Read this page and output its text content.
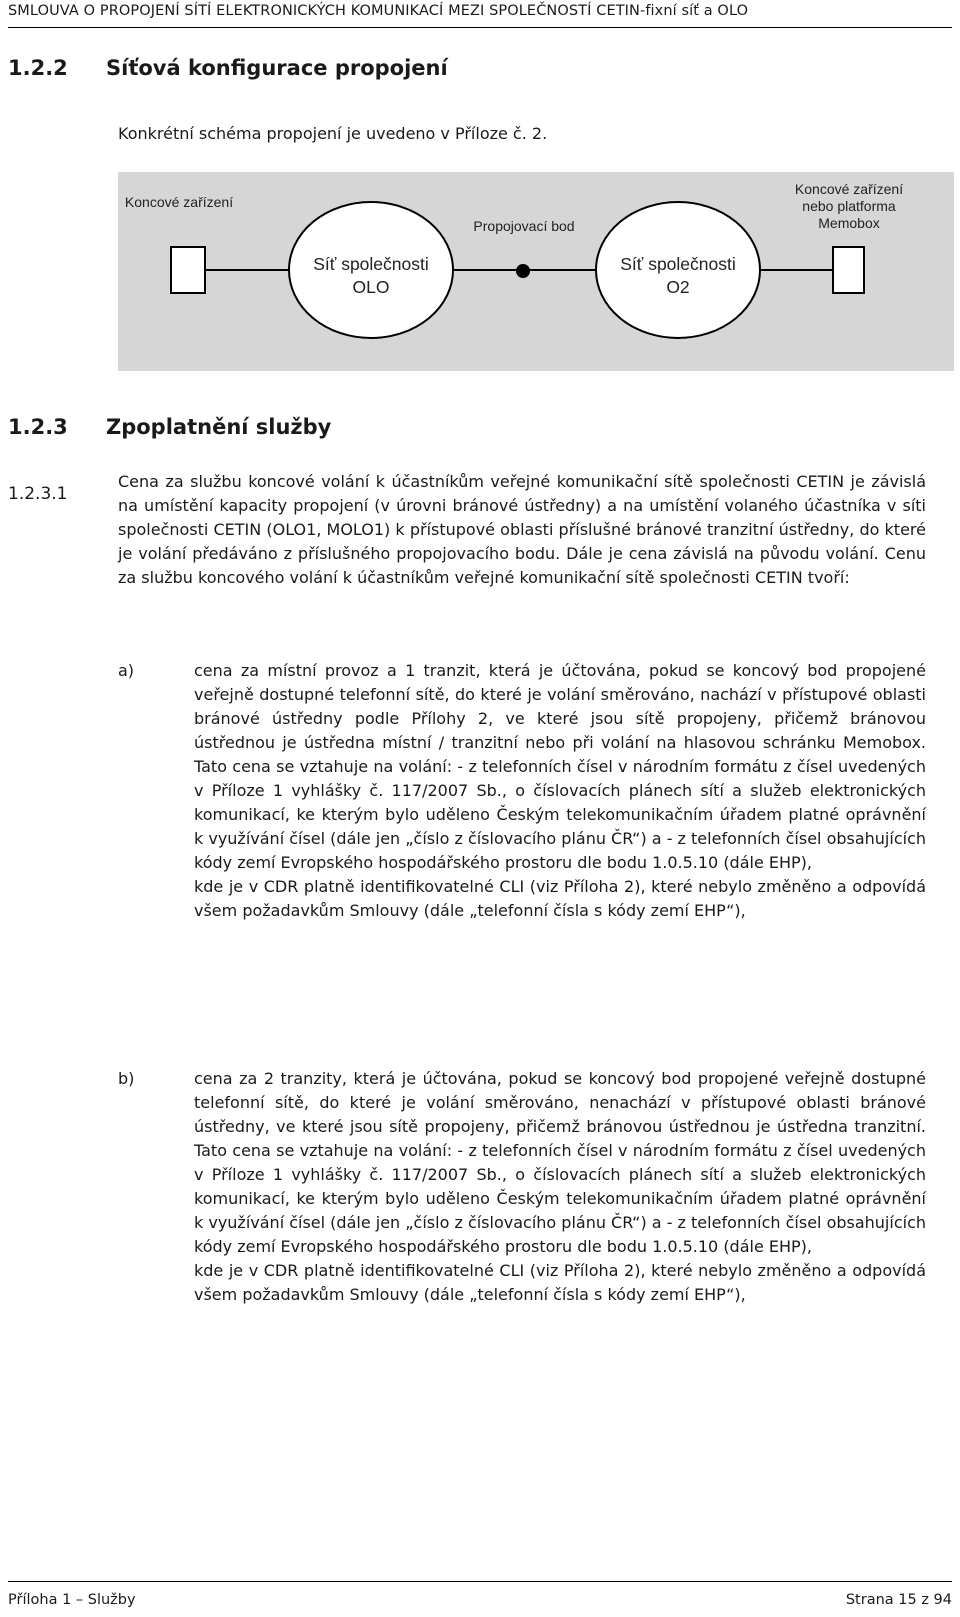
SMLOUVA O PROPOJENÍ SÍTÍ ELEKTRONICKÝCH KOMUNIKACÍ MEZI SPOLEČNOSTÍ CETIN-fixní síť a OLO
1.2.2 Síťová konfigurace propojení
Konkrétní schéma propojení je uvedeno v Příloze č. 2.
Koncové zařízení
Propojovací bod
Koncové zařízení
nebo platforma
Memobox
Síť společnosti
OLO
Síť společnosti
O2
1.2.3 Zpoplatnění služby
1.2.3.1
Cena za službu koncové volání k účastníkům veřejné komunikační sítě společnosti CETIN je závislá na umístění kapacity propojení (v úrovni bránové ústředny) a na umístění volaného účastníka v síti společnosti CETIN (OLO1, MOLO1) k přístupové oblasti příslušné bránové tranzitní ústředny, do které je volání předáváno z příslušného propojovacího bodu. Dále je cena závislá na původu volání. Cenu za službu koncového volání k účastníkům veřejné komunikační sítě společnosti CETIN tvoří:
a)	cena za místní provoz a 1 tranzit, která je účtována, pokud se koncový bod propojené veřejně dostupné telefonní sítě, do které je volání směrováno, nachází v přístupové oblasti bránové ústředny podle Přílohy 2, ve které jsou sítě propojeny, přičemž bránovou ústřednou je ústředna místní / tranzitní nebo při volání na hlasovou schránku Memobox. Tato cena se vztahuje na volání: - z telefonních čísel v národním formátu z čísel uvedených v Příloze 1 vyhlášky č. 117/2007 Sb., o číslovacích plánech sítí a služeb elektronických komunikací, ke kterým bylo uděleno Českým telekomunikačním úřadem platné oprávnění k využívání čísel (dále jen „číslo z číslovacího plánu ČR“) a - z telefonních čísel obsahujících kódy zemí Evropského hospodářského prostoru dle bodu 1.0.5.10 (dále EHP),
kde je v CDR platně identifikovatelné CLI (viz Příloha 2), které nebylo změněno a odpovídá všem požadavkům Smlouvy (dále „telefonní čísla s kódy zemí EHP“),
b)	cena za 2 tranzity, která je účtována, pokud se koncový bod propojené veřejně dostupné telefonní sítě, do které je volání směrováno, nenachází v přístupové oblasti bránové ústředny, ve které jsou sítě propojeny, přičemž bránovou ústřednou je ústředna tranzitní. Tato cena se vztahuje na volání: - z telefonních čísel v národním formátu z čísel uvedených v Příloze 1 vyhlášky č. 117/2007 Sb., o číslovacích plánech sítí a služeb elektronických komunikací, ke kterým bylo uděleno Českým telekomunikačním úřadem platné oprávnění k využívání čísel (dále jen „číslo z číslovacího plánu ČR“) a - z telefonních čísel obsahujících kódy zemí Evropského hospodářského prostoru dle bodu 1.0.5.10 (dále EHP),
kde je v CDR platně identifikovatelné CLI (viz Příloha 2), které nebylo změněno a odpovídá všem požadavkům Smlouvy (dále „telefonní čísla s kódy zemí EHP“),
Příloha 1 – Služby	Strana 15 z 94
